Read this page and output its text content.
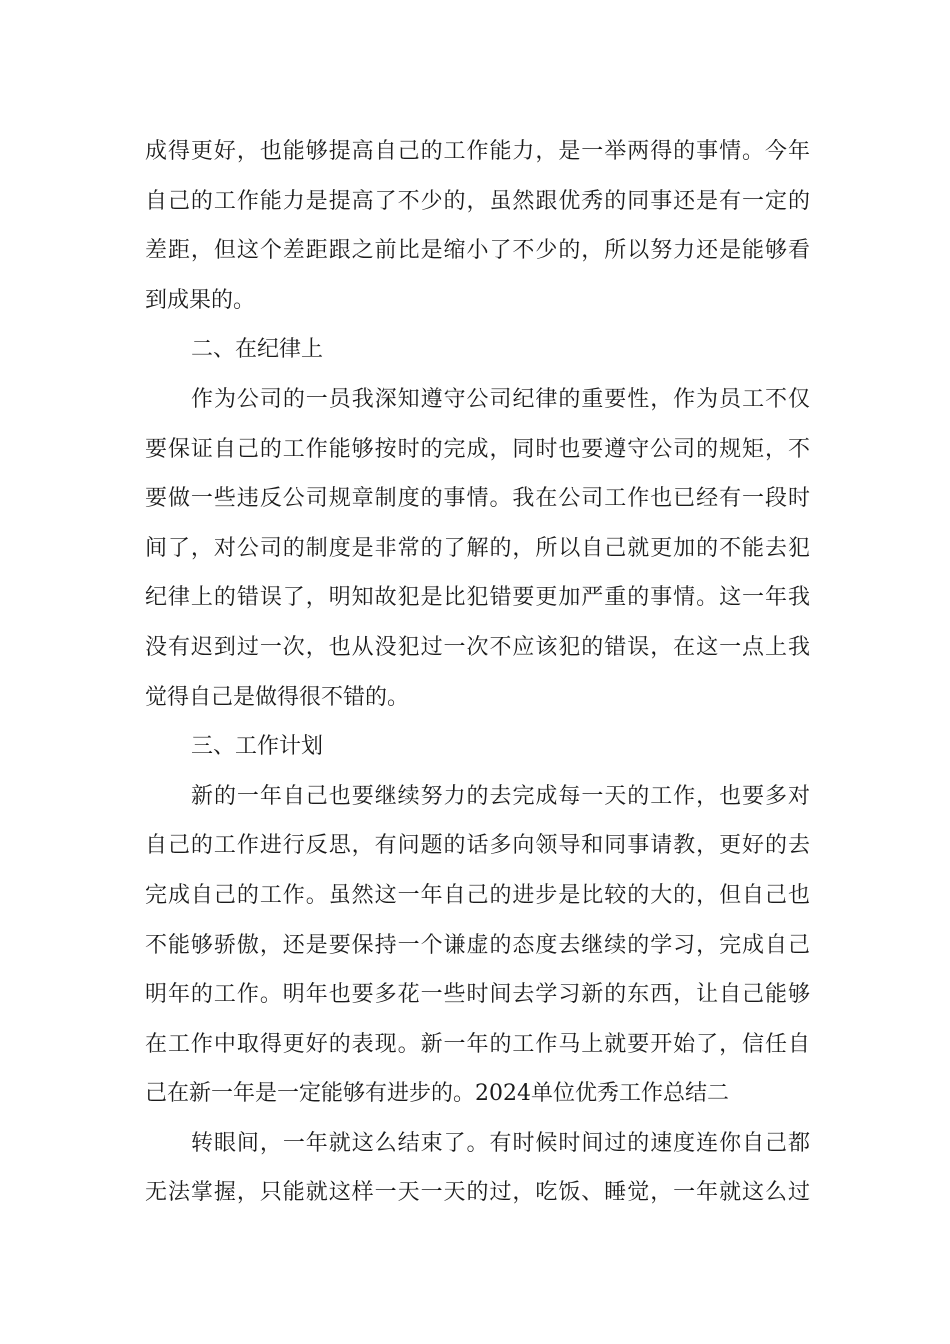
成得更好，也能够提高自己的工作能力，是一举两得的事情。今年
自己的工作能力是提高了不少的，虽然跟优秀的同事还是有一定的
差距，但这个差距跟之前比是缩小了不少的，所以努力还是能够看
到成果的。
二、在纪律上
作为公司的一员我深知遵守公司纪律的重要性，作为员工不仅
要保证自己的工作能够按时的完成，同时也要遵守公司的规矩，不
要做一些违反公司规章制度的事情。我在公司工作也已经有一段时
间了，对公司的制度是非常的了解的，所以自己就更加的不能去犯
纪律上的错误了，明知故犯是比犯错要更加严重的事情。这一年我
没有迟到过一次，也从没犯过一次不应该犯的错误，在这一点上我
觉得自己是做得很不错的。
三、工作计划
新的一年自己也要继续努力的去完成每一天的工作，也要多对
自己的工作进行反思，有问题的话多向领导和同事请教，更好的去
完成自己的工作。虽然这一年自己的进步是比较的大的，但自己也
不能够骄傲，还是要保持一个谦虚的态度去继续的学习，完成自己
明年的工作。明年也要多花一些时间去学习新的东西，让自己能够
在工作中取得更好的表现。新一年的工作马上就要开始了，信任自
己在新一年是一定能够有进步的。2024单位优秀工作总结二
转眼间，一年就这么结束了。有时候时间过的速度连你自己都
无法掌握，只能就这样一天一天的过，吃饭、睡觉，一年就这么过
